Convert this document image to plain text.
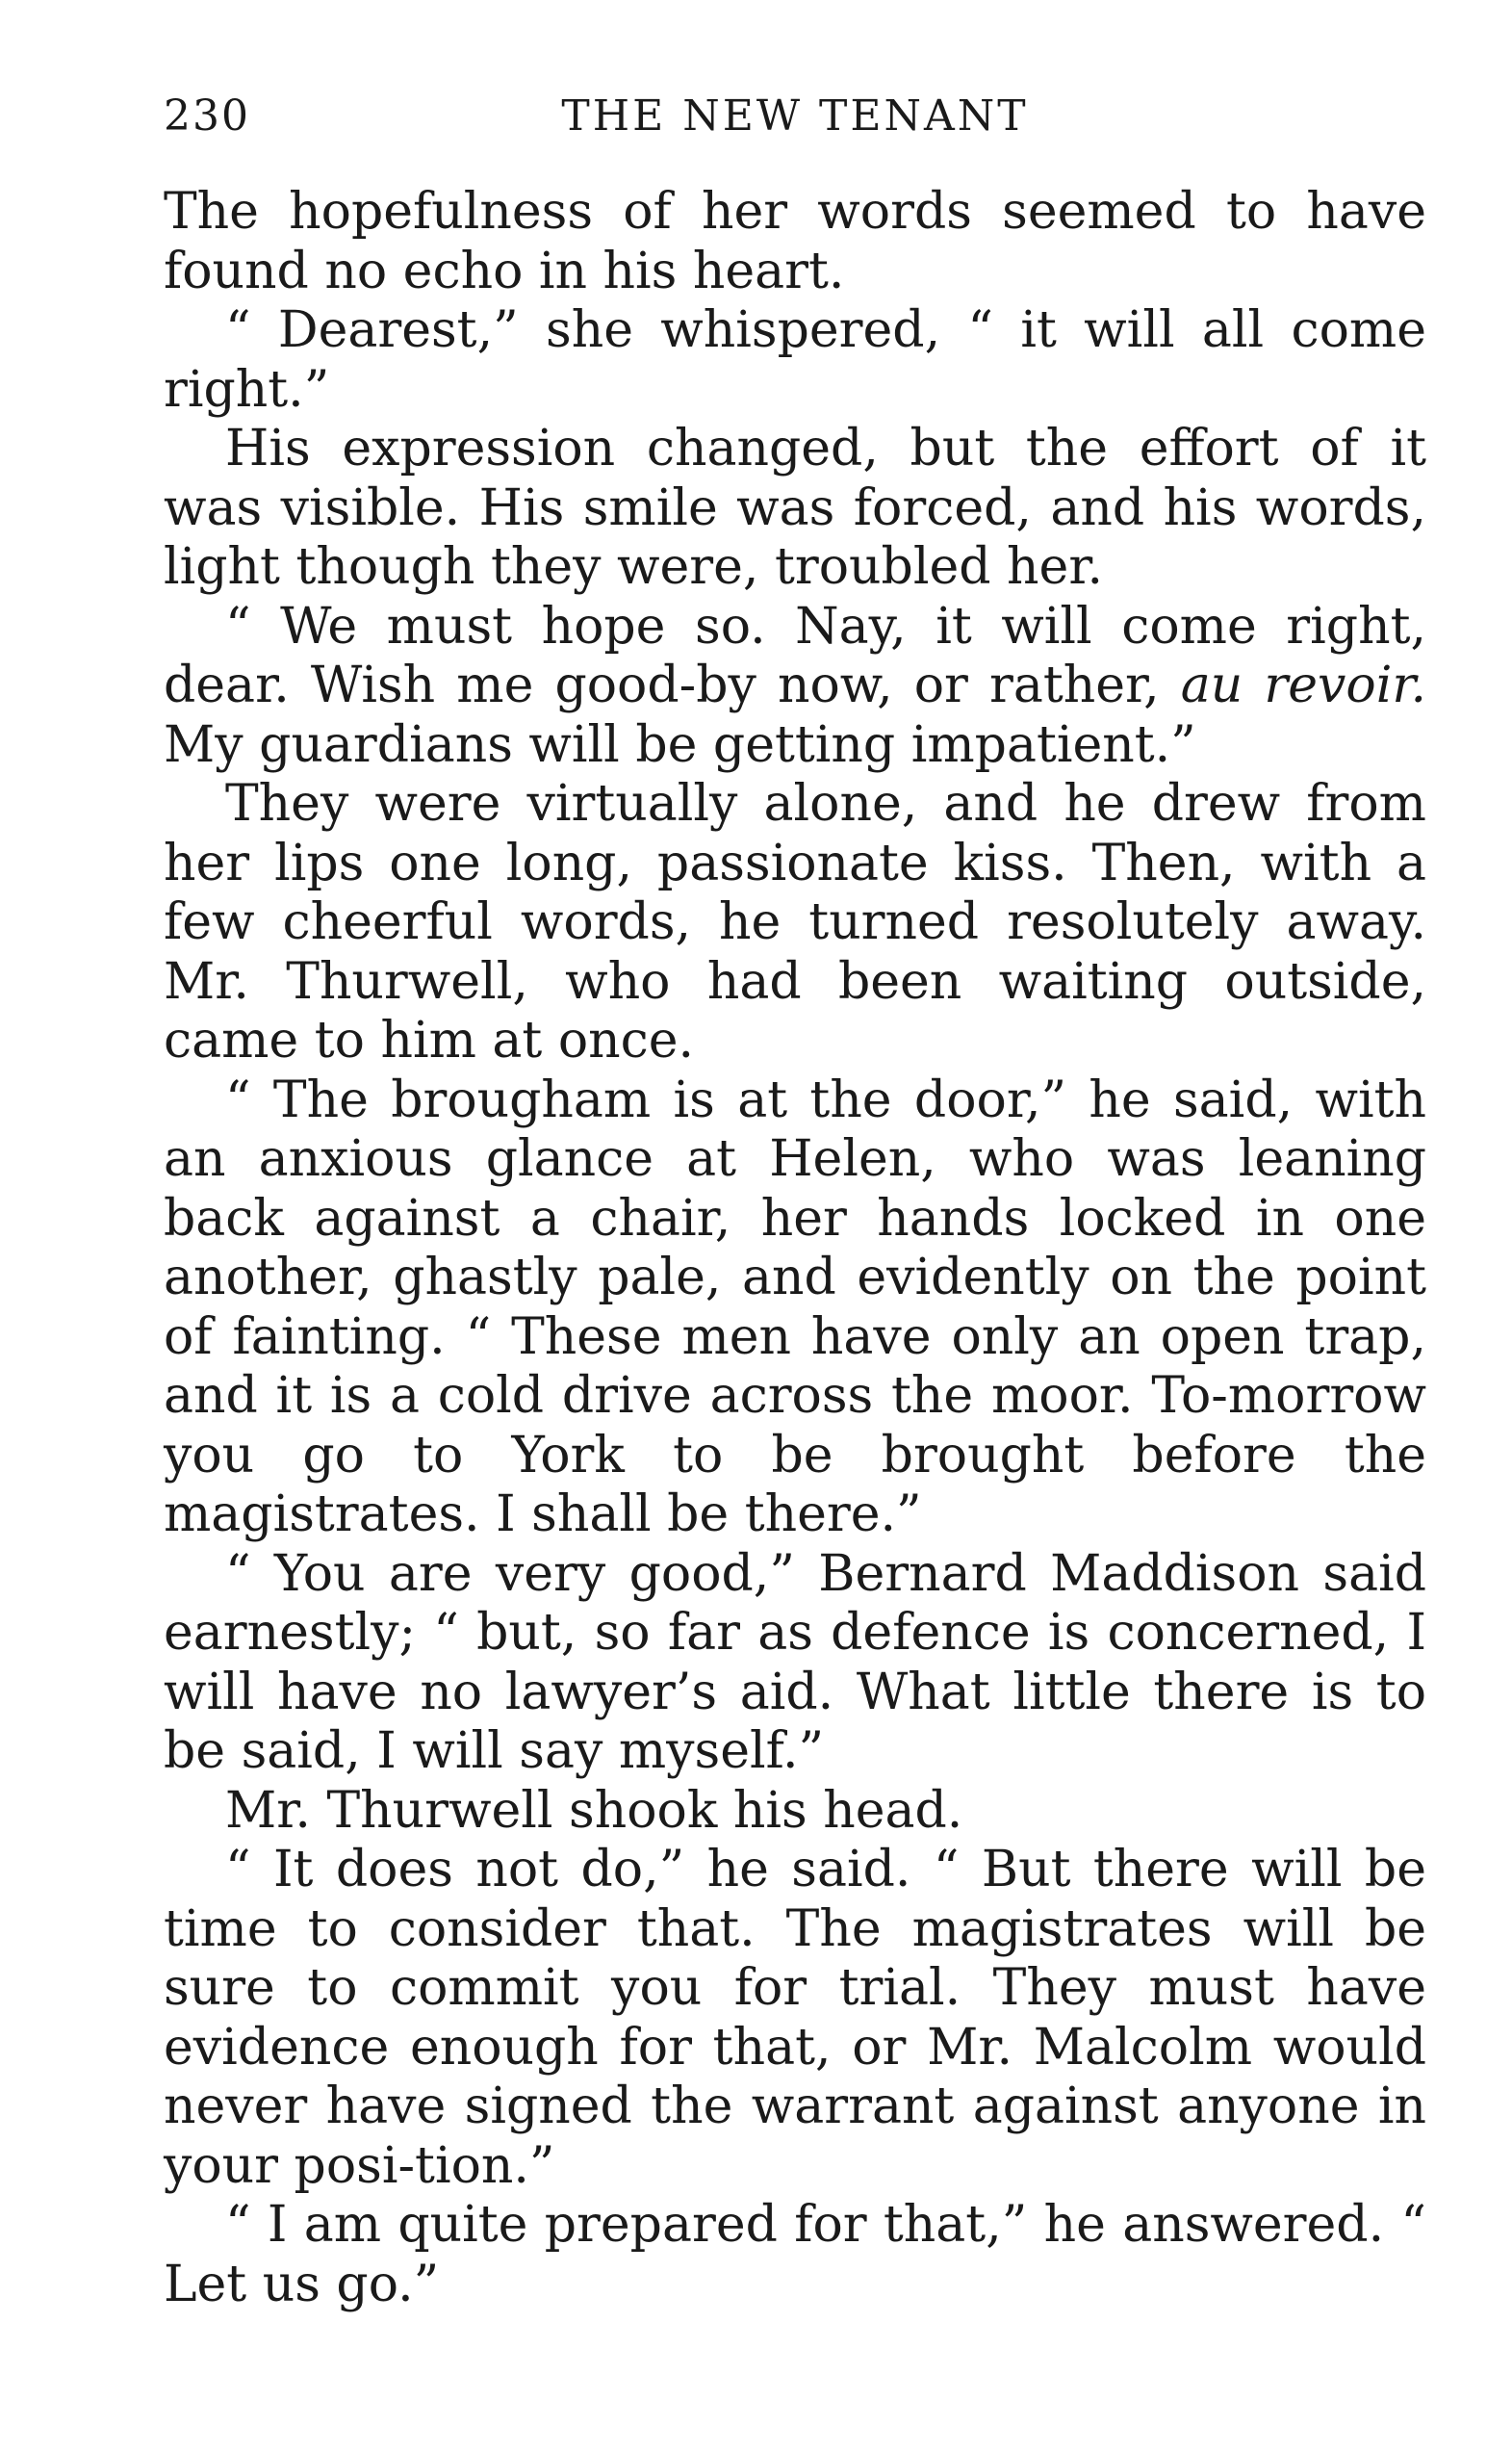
230	THE NEW TENANT

The hopefulness of her words seemed to have found no echo in his heart.

“ Dearest,” she whispered, “ it will all come right.”

His expression changed, but the effort of it was visible. His smile was forced, and his words, light though they were, troubled her.

“ We must hope so. Nay, it will come right, dear. Wish me good-by now, or rather, au revoir. My guardians will be getting impatient.”

They were virtually alone, and he drew from her lips one long, passionate kiss. Then, with a few cheerful words, he turned resolutely away. Mr. Thurwell, who had been waiting outside, came to him at once.

“ The brougham is at the door,” he said, with an anxious glance at Helen, who was leaning back against a chair, her hands locked in one another, ghastly pale, and evidently on the point of fainting. “ These men have only an open trap, and it is a cold drive across the moor. To-morrow you go to York to be brought before the magistrates. I shall be there.”

“ You are very good,” Bernard Maddison said earnestly; “ but, so far as defence is concerned, I will have no lawyer’s aid. What little there is to be said, I will say myself.”

Mr. Thurwell shook his head.

“ It does not do,” he said. “ But there will be time to consider that. The magistrates will be sure to commit you for trial. They must have evidence enough for that, or Mr. Malcolm would never have signed the warrant against anyone in your posi-tion.”

“ I am quite prepared for that,” he answered. “ Let us go.”
